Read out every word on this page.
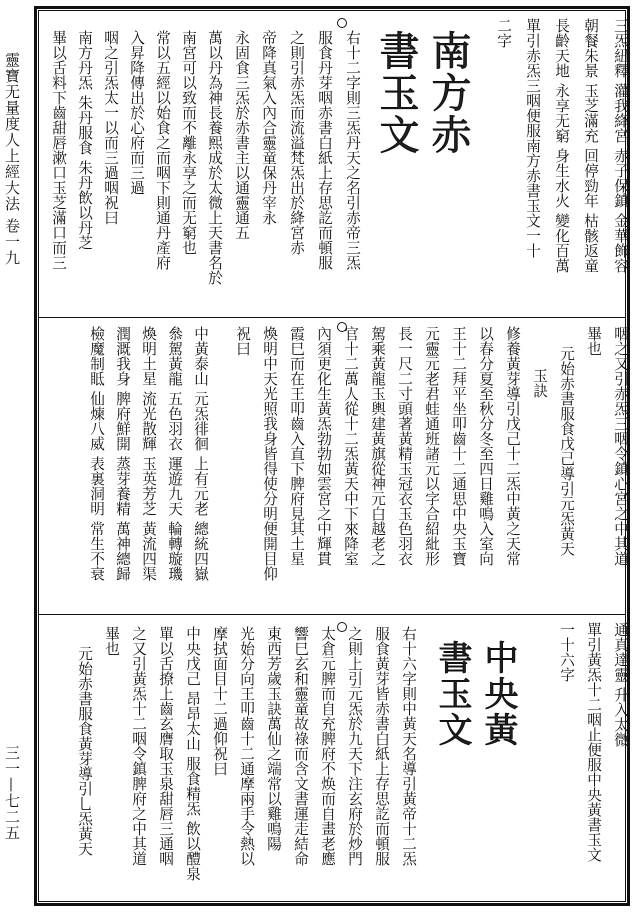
靈寶无量度人上經大法 卷一九
三一—七二五
三炁紐釋 灌我絳宮 赤子保鎮 金華飾容
朝餐朱景 玉芝滿充 回停勁年 枯骸返童
長齡天地 永享无窮 身生水火 變化百萬
單引赤炁三咽便服南方赤書玉文一十
二字
南方赤
書玉文
右十二字則三炁丹天之名引赤帝三炁
服食丹芽咽赤書白紙上存思訖而頓服
之則引赤炁而流溢梵炁出於絳宮赤
帝降真氣入內合靈童保丹宰永
永固食三炁於赤書主以通靈通五
萬以丹為神長養熙成於太微上天書名於
南宮可以致而不離永享之而无窮也
常以五經以始食之而咽下則通丹產府
入昇降傳出於心府而三過
咽之引炁太一以而三過咽祝曰
南方丹炁 朱丹服食 朱丹飲以丹芝
畢以舌料下齒甜唇漱口玉芝滿口而三
咽之又引赤炁三咽令鎮心宮之中其道
畢也
元始赤書服食戊己導引元炁黃天
玉訣
修養黃芽導引戊己十二炁中黃之天常
以春分夏至秋分冬至四日雞鳴入室向
王十二拜平坐叩齒十二通思中央玉寶
元靈元老君蛙通班諸元以字合紹紕形
長一尺二寸頭著黃精玉冠衣玉色羽衣
駕乘黃龍玉輿建黃旗從神元白越老之
官十二萬人從十二炁黃天中下來降室
內須更化生黃炁勃勃如雲宮之中輝貫
霞巳而在王叩齒入直下脾府見其土星
煥明中天光照我身皆得使分明便開目仰
祝曰
中黃泰山 元炁徘徊 上有元老 總統四嶽
叅駕黃龍 五色羽衣 運遊九天 輪轉璇璣
煥明土星 流光散輝 玉英芳芝 黃流四渠
潤溉我身 脾府鮮開 蒸芽養精 萬神總歸
檢魔制眡 仙煉八威 表裏洞明 常生不衰
通真達靈 升入太微
單引黃炁十二咽止便服中央黃書玉文
一十六字
中央黃
書玉文
右十六字則中黃天名導引黃帝十二炁
服食黃芽皆赤書白紙上存思訖而頓服
之則上引元炁於九天下注玄府於炒門
太倉元脾而自充脾府不焕而自畫老應
響巳玄和靈童故祿而含文書運走結命
東西芳歲玉訣萬仙之端常以雞鳴陽
光始分向王叩齒十二通摩兩手令熱以
摩拭面目十二過仰祝曰
中央戊己 昂昂太山 服食精炁 飲以醴泉
單以舌撩上齒玄膺取玉泉甜唇三通咽
之又引黃炁十二咽令鎮脾府之中其道
畢也
元始赤書服食黃芽導引乚炁黃天
